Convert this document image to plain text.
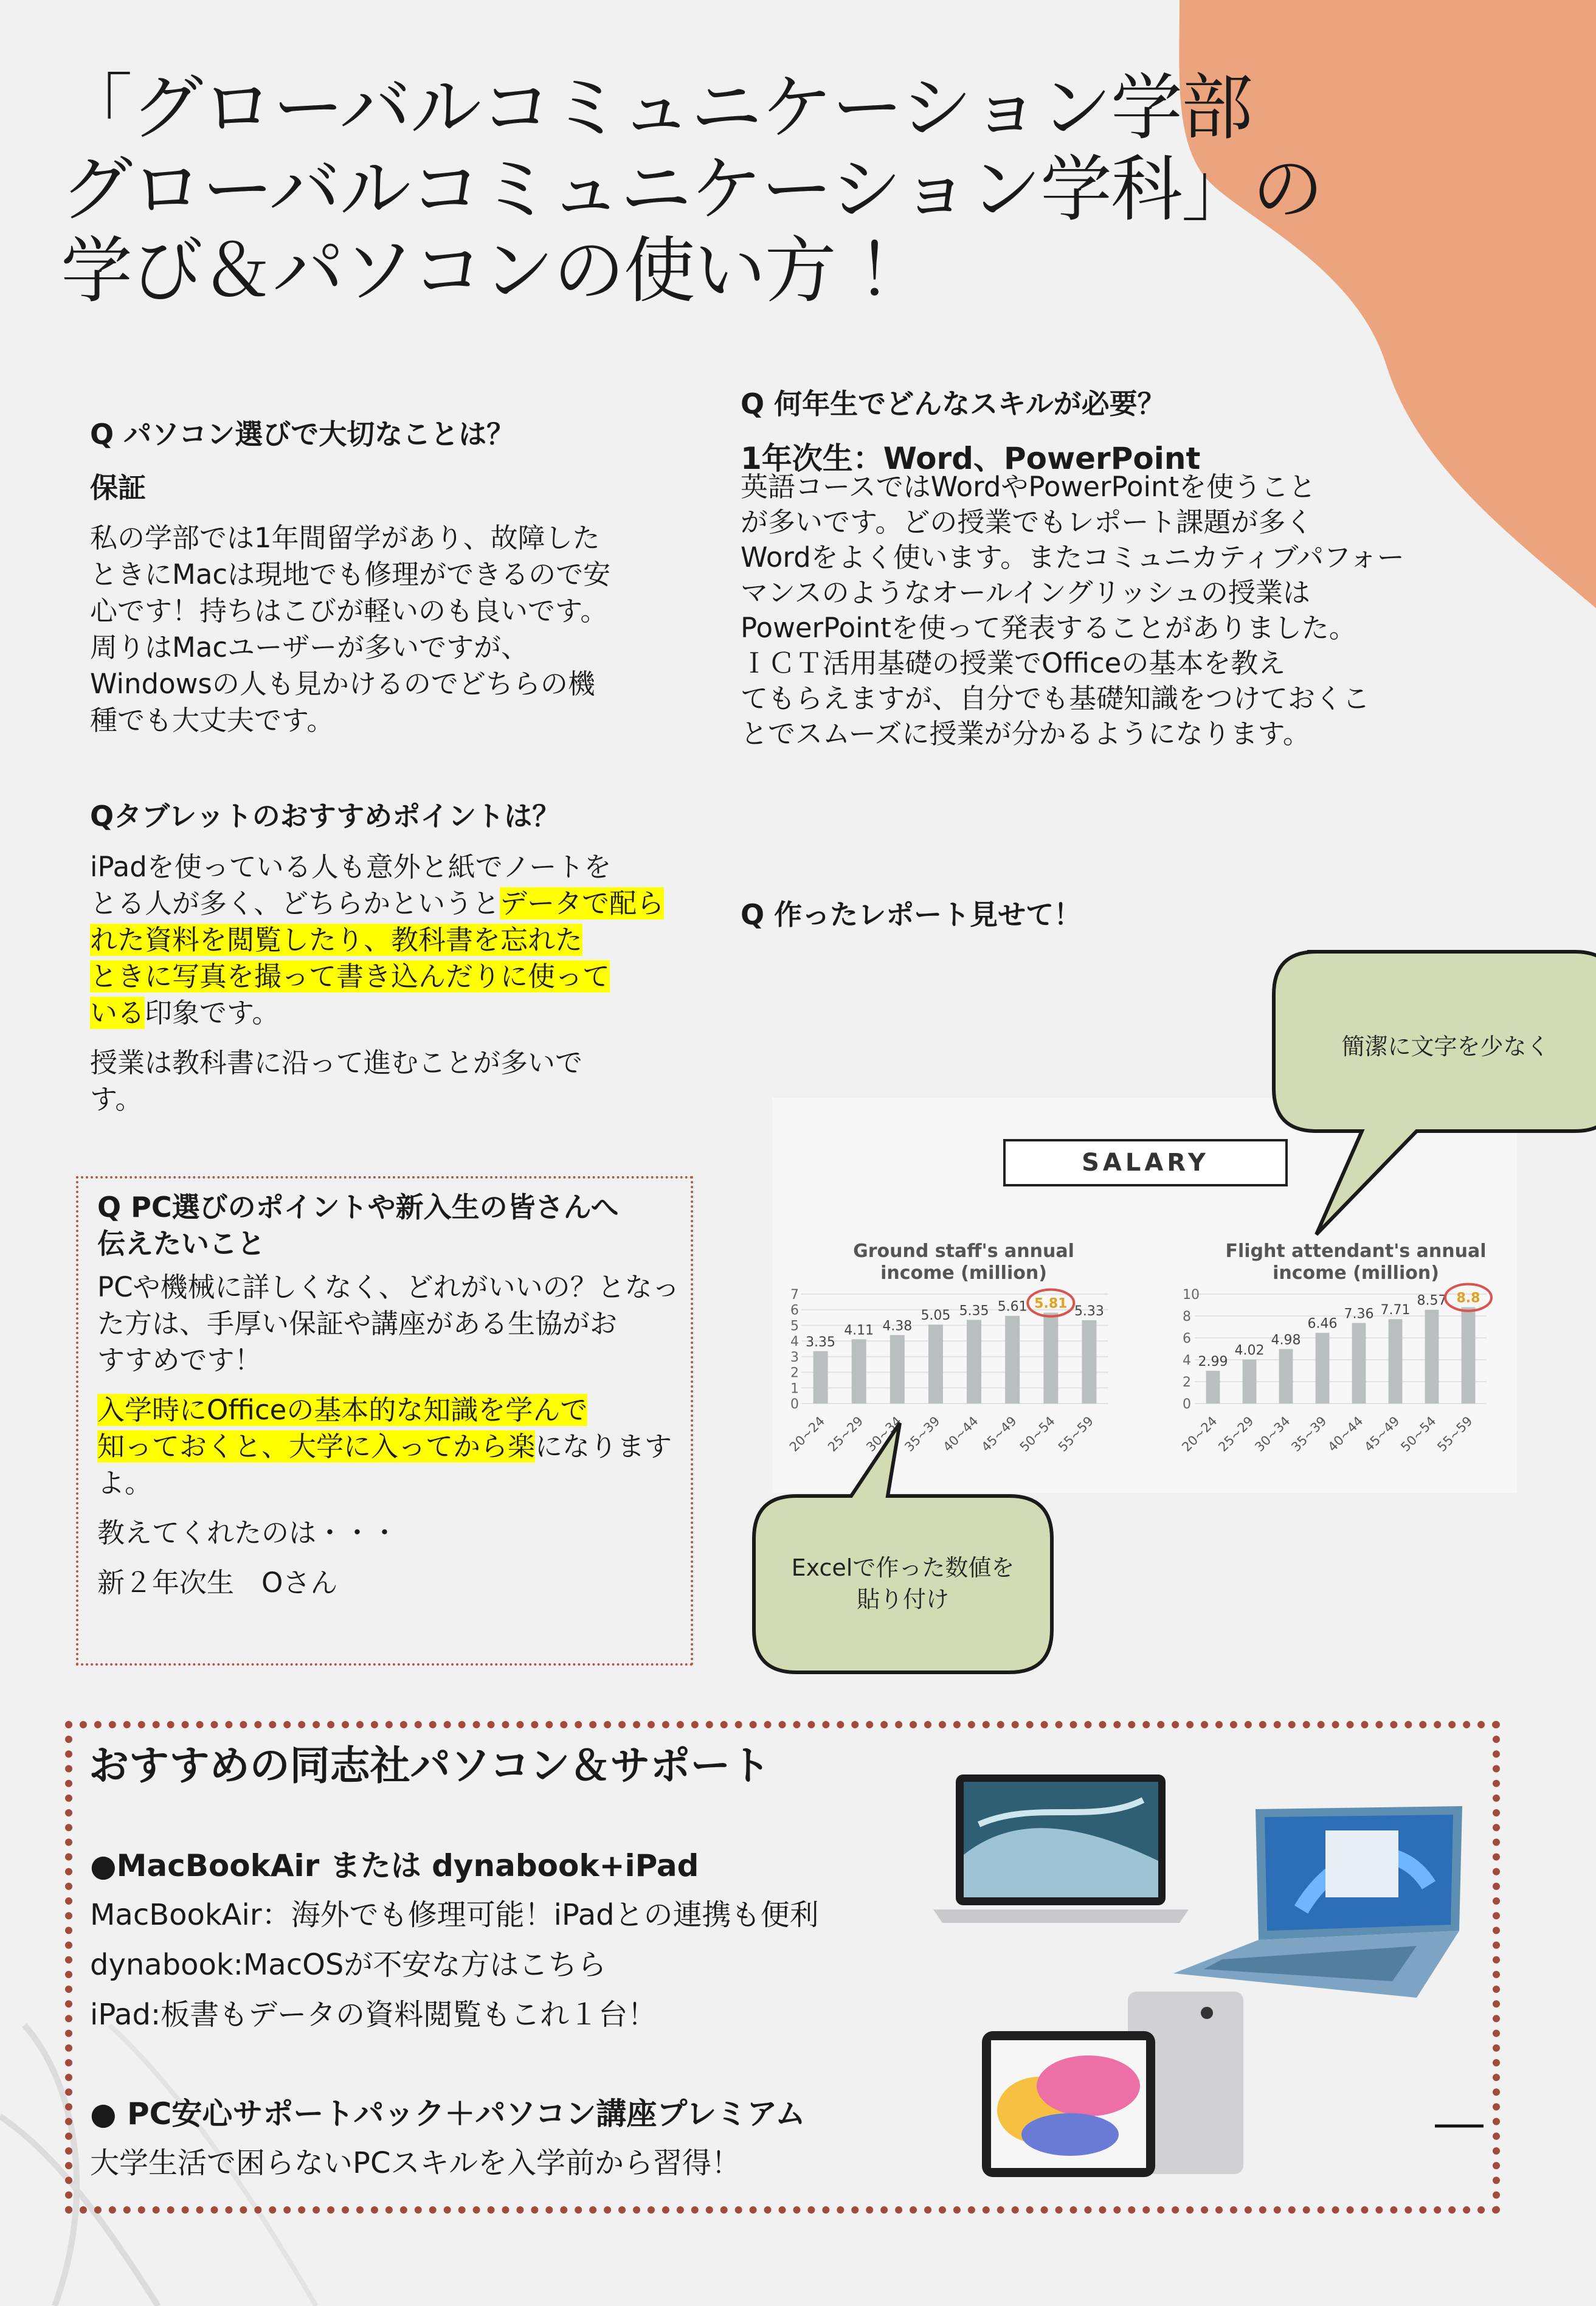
「グローバルコミュニケーション学部
グローバルコミュニケーション学科」の
学び＆パソコンの使い方 ！
Q パソコン選びで大切なことは？
保証
私の学部では1年間留学があり、故障した
ときにMacは現地でも修理ができるので安
心です！持ちはこびが軽いのも良いです。
周りはMacユーザーが多いですが、
Windowsの人も見かけるのでどちらの機
種でも大丈夫です。
Qタブレットのおすすめポイントは？
iPadを使っている人も意外と紙でノートを
とる人が多く、どちらかというとデータで配ら
れた資料を閲覧したり、教科書を忘れた
ときに写真を撮って書き込んだりに使って
いる印象です。
授業は教科書に沿って進むことが多いで
す。
Q PC選びのポイントや新入生の皆さんへ
伝えたいこと
PCや機械に詳しくなく、どれがいいの？となっ
た方は、手厚い保証や講座がある生協がお
すすめです！
入学時にOfficeの基本的な知識を学んで
知っておくと、大学に入ってから楽になります
よ。
教えてくれたのは・・・
新２年次生　Oさん
Q 何年生でどんなスキルが必要？
1年次生：Word、PowerPoint
英語コースではWordやPowerPointを使うこと
が多いです。どの授業でもレポート課題が多く
Wordをよく使います。またコミュニカティブパフォー
マンスのようなオールイングリッシュの授業は
PowerPointを使って発表することがありました。
ＩＣＴ活用基礎の授業でOfficeの基本を教え
てもらえますが、自分でも基礎知識をつけておくこ
とでスムーズに授業が分かるようになります。
Q 作ったレポート見せて！
SALARY
Ground staff's annual income (million)
Flight attendant's annual income (million)
0
1
2
3
4
5
6
7
3.35
20~24
4.11
25~29
4.38
30~34
5.05
35~39
5.35
40~44
5.61
45~49
5.81
50~54
5.33
55~59
0
2
4
6
8
10
2.99
20~24
4.02
25~29
4.98
30~34
6.46
35~39
7.36
40~44
7.71
45~49
8.57
50~54
8.8
55~59
簡潔に文字を少なく
Excelで作った数値を
貼り付け
おすすめの同志社パソコン＆サポート
●MacBookAir または dynabook+iPad
MacBookAir：海外でも修理可能！iPadとの連携も便利
dynabook:MacOSが不安な方はこちら
iPad:板書もデータの資料閲覧もこれ１台！
● PC安心サポートパック＋パソコン講座プレミアム
大学生活で困らないPCスキルを入学前から習得！
